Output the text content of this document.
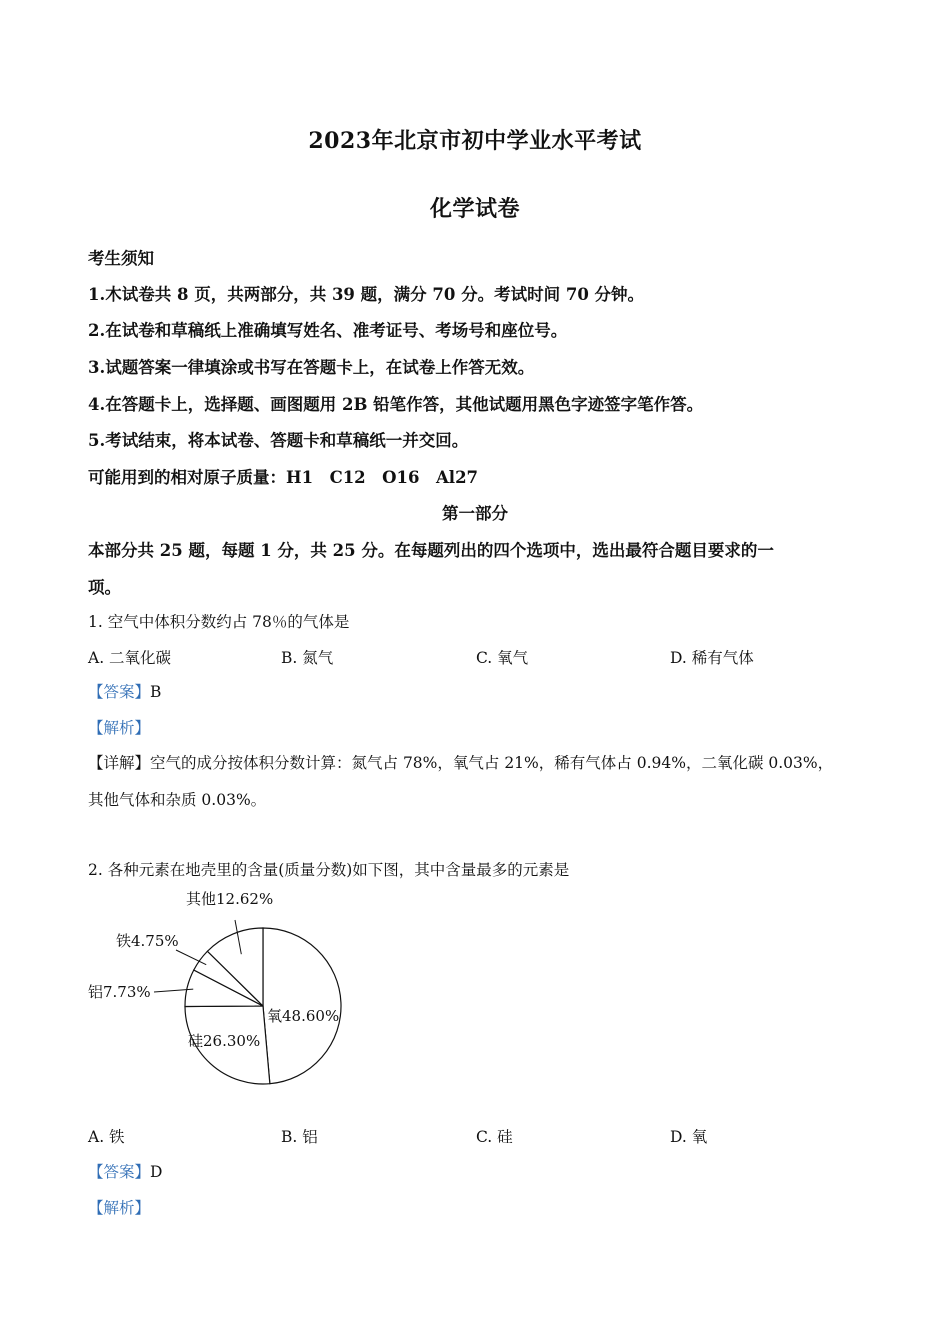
2023年北京市初中学业水平考试
化学试卷
考生须知
1.木试卷共 8 页，共两部分，共 39 题，满分 70 分。考试时间 70 分钟。
2.在试卷和草稿纸上准确填写姓名、准考证号、考场号和座位号。
3.试题答案一律填涂或书写在答题卡上，在试卷上作答无效。
4.在答题卡上，选择题、画图题用 2B 铅笔作答，其他试题用黑色字迹签字笔作答。
5.考试结束，将本试卷、答题卡和草稿纸一并交回。
可能用到的相对原子质量：H1　C12　O16　Al27
第一部分
本部分共 25 题，每题 1 分，共 25 分。在每题列出的四个选项中，选出最符合题目要求的一
项。
1. 空气中体积分数约占 78％的气体是
A. 二氧化碳	B. 氮气	C. 氧气	D. 稀有气体
【答案】B
【解析】
【详解】空气的成分按体积分数计算：氮气占 78%，氧气占 21%，稀有气体占 0.94%，二氧化碳 0.03%，
其他气体和杂质 0.03%。
2. 各种元素在地壳里的含量(质量分数)如下图，其中含量最多的元素是
氧48.60%
硅26.30%
铝7.73%
铁4.75%
其他12.62%
A. 铁	B. 铝	C. 硅	D. 氧
【答案】D
【解析】
